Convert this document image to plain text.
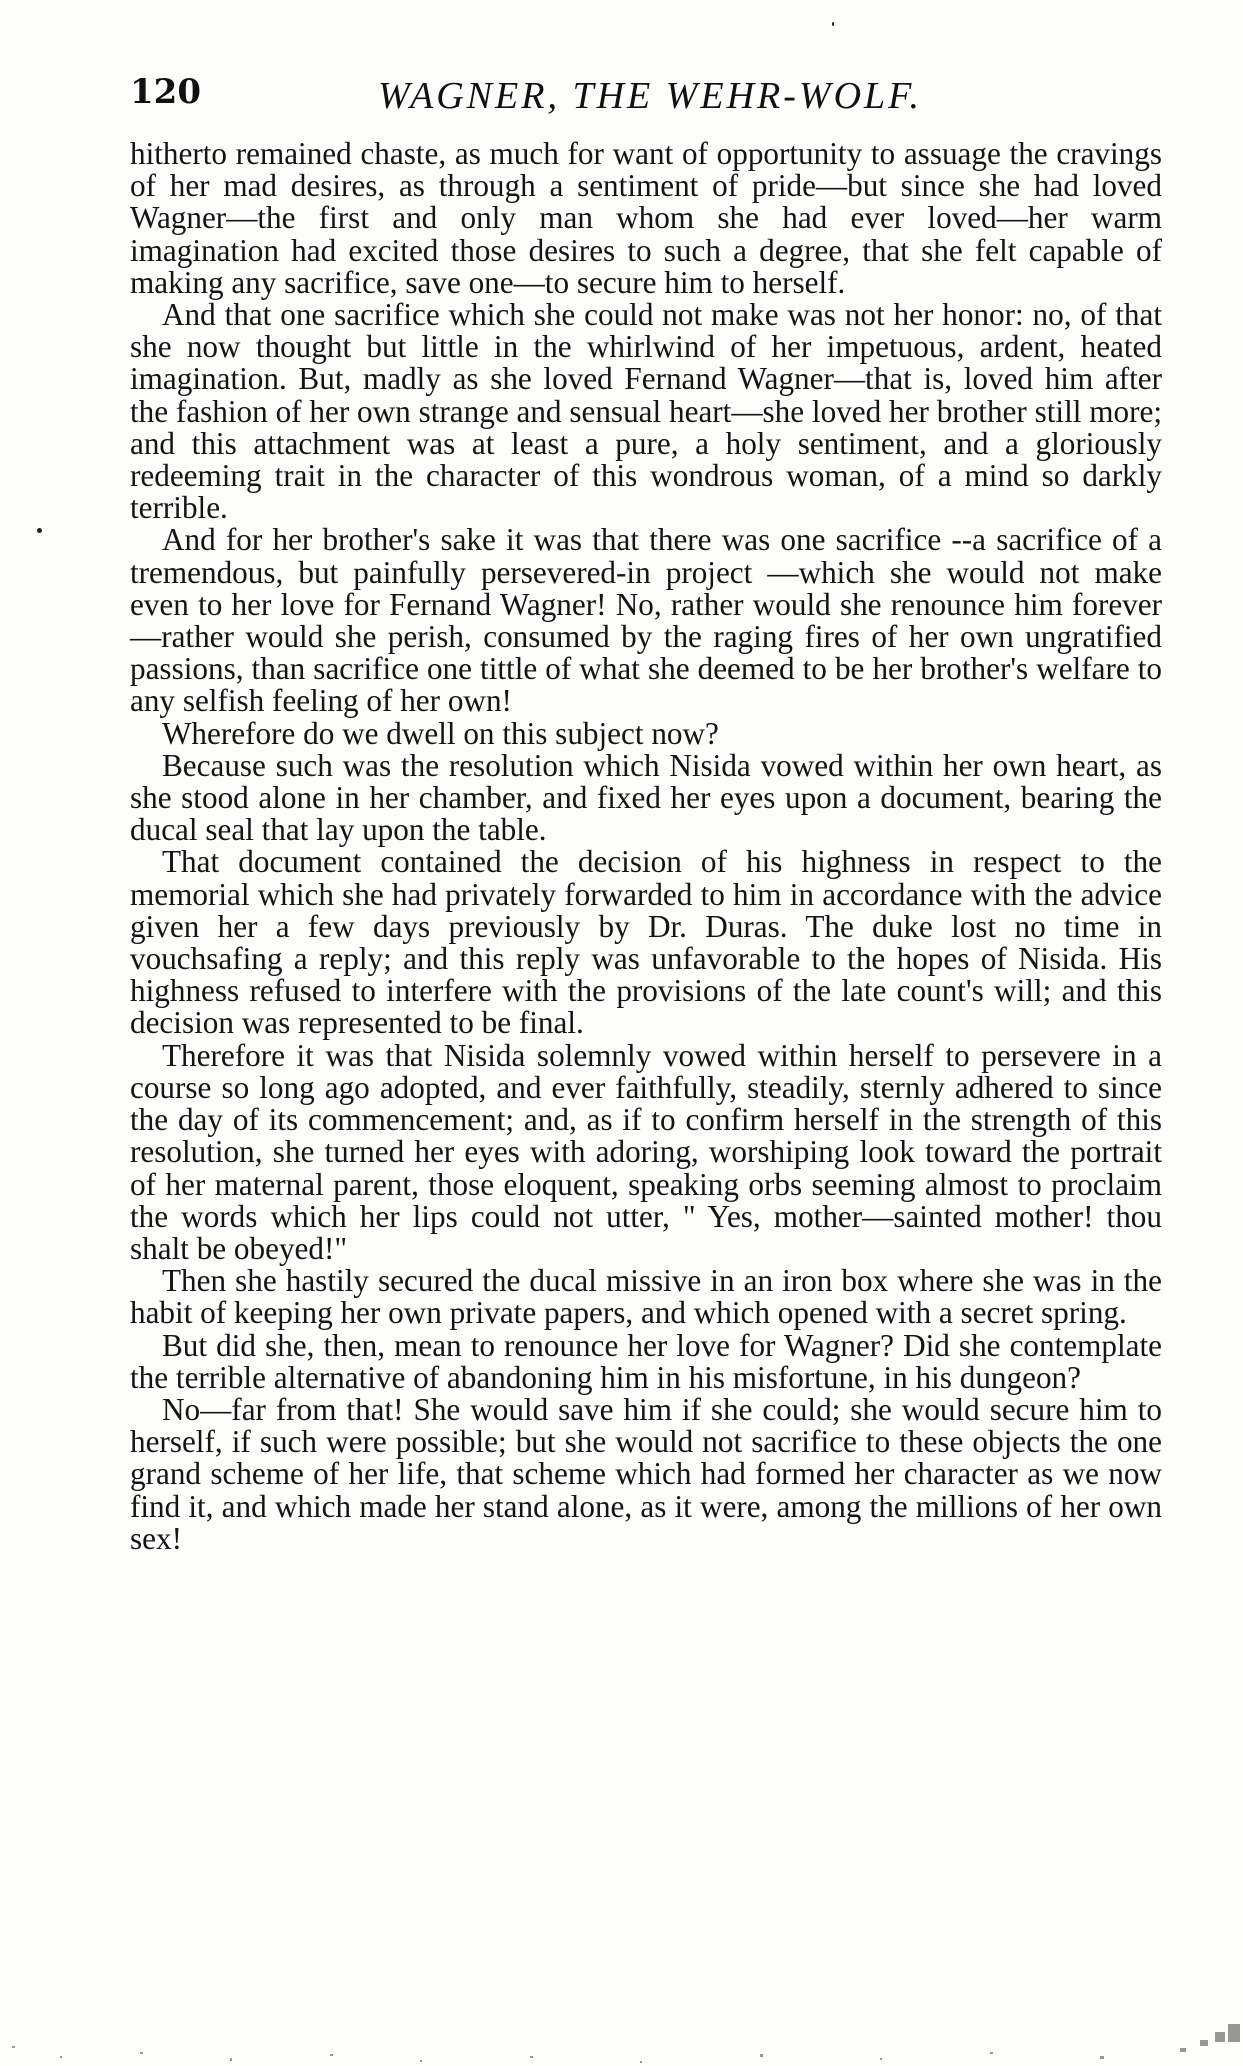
120	WAGNER, THE WEHR-WOLF.

hitherto remained chaste, as much for want of opportunity to assuage the cravings of her mad desires, as through a sentiment of pride—but since she had loved Wagner—the first and only man whom she had ever loved—her warm imagination had excited those desires to such a degree, that she felt capable of making any sacrifice, save one—to secure him to herself.

And that one sacrifice which she could not make was not her honor: no, of that she now thought but little in the whirlwind of her impetuous, ardent, heated imagination. But, madly as she loved Fernand Wagner—that is, loved him after the fashion of her own strange and sensual heart—she loved her brother still more; and this attachment was at least a pure, a holy sentiment, and a gloriously redeeming trait in the character of this wondrous woman, of a mind so darkly terrible.

And for her brother's sake it was that there was one sacrifice --a sacrifice of a tremendous, but painfully persevered-in project —which she would not make even to her love for Fernand Wagner! No, rather would she renounce him forever—rather would she perish, consumed by the raging fires of her own ungratified passions, than sacrifice one tittle of what she deemed to be her brother's welfare to any selfish feeling of her own!

Wherefore do we dwell on this subject now?

Because such was the resolution which Nisida vowed within her own heart, as she stood alone in her chamber, and fixed her eyes upon a document, bearing the ducal seal that lay upon the table.

That document contained the decision of his highness in respect to the memorial which she had privately forwarded to him in accordance with the advice given her a few days previously by Dr. Duras. The duke lost no time in vouchsafing a reply; and this reply was unfavorable to the hopes of Nisida. His highness refused to interfere with the provisions of the late count's will; and this decision was represented to be final.

Therefore it was that Nisida solemnly vowed within herself to persevere in a course so long ago adopted, and ever faithfully, steadily, sternly adhered to since the day of its commencement; and, as if to confirm herself in the strength of this resolution, she turned her eyes with adoring, worshiping look toward the portrait of her maternal parent, those eloquent, speaking orbs seeming almost to proclaim the words which her lips could not utter, " Yes, mother—sainted mother! thou shalt be obeyed!"

Then she hastily secured the ducal missive in an iron box where she was in the habit of keeping her own private papers, and which opened with a secret spring.

But did she, then, mean to renounce her love for Wagner? Did she contemplate the terrible alternative of abandoning him in his misfortune, in his dungeon?

No—far from that! She would save him if she could; she would secure him to herself, if such were possible; but she would not sacrifice to these objects the one grand scheme of her life, that scheme which had formed her character as we now find it, and which made her stand alone, as it were, among the millions of her own sex!
